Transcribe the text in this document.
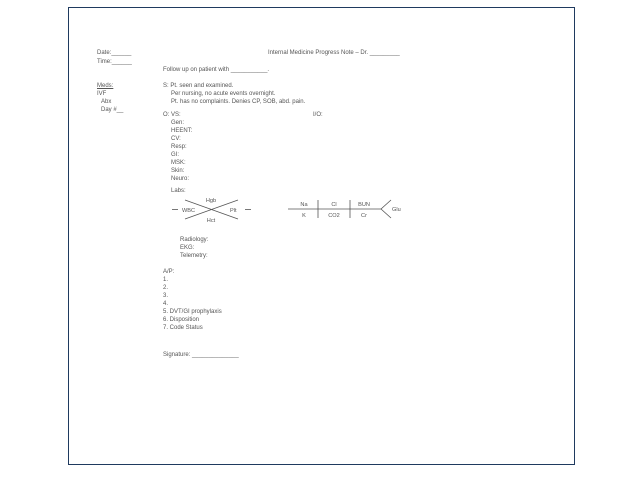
Date:______
Time:______
Internal Medicine Progress Note – Dr. _________
Follow up on patient with ___________.
Meds:
IVF
Abx
Day #__
S: Pt. seen and examined.
Per nursing, no acute events overnight.
Pt. has no complaints. Denies CP, SOB, abd. pain.
O: VS:	I/O:
Gen:
HEENT:
CV:
Resp:
GI:
MSK:
Skin:
Neuro:
Labs:
Hgb
WBC	Plt
Hct
Na	Cl	BUN
K	CO2	Cr
Glu
Radiology:
EKG:
Telemetry:
A/P:
1.
2.
3.
4.
5. DVT/GI prophylaxis
6. Disposition
7. Code Status
Signature: ______________
